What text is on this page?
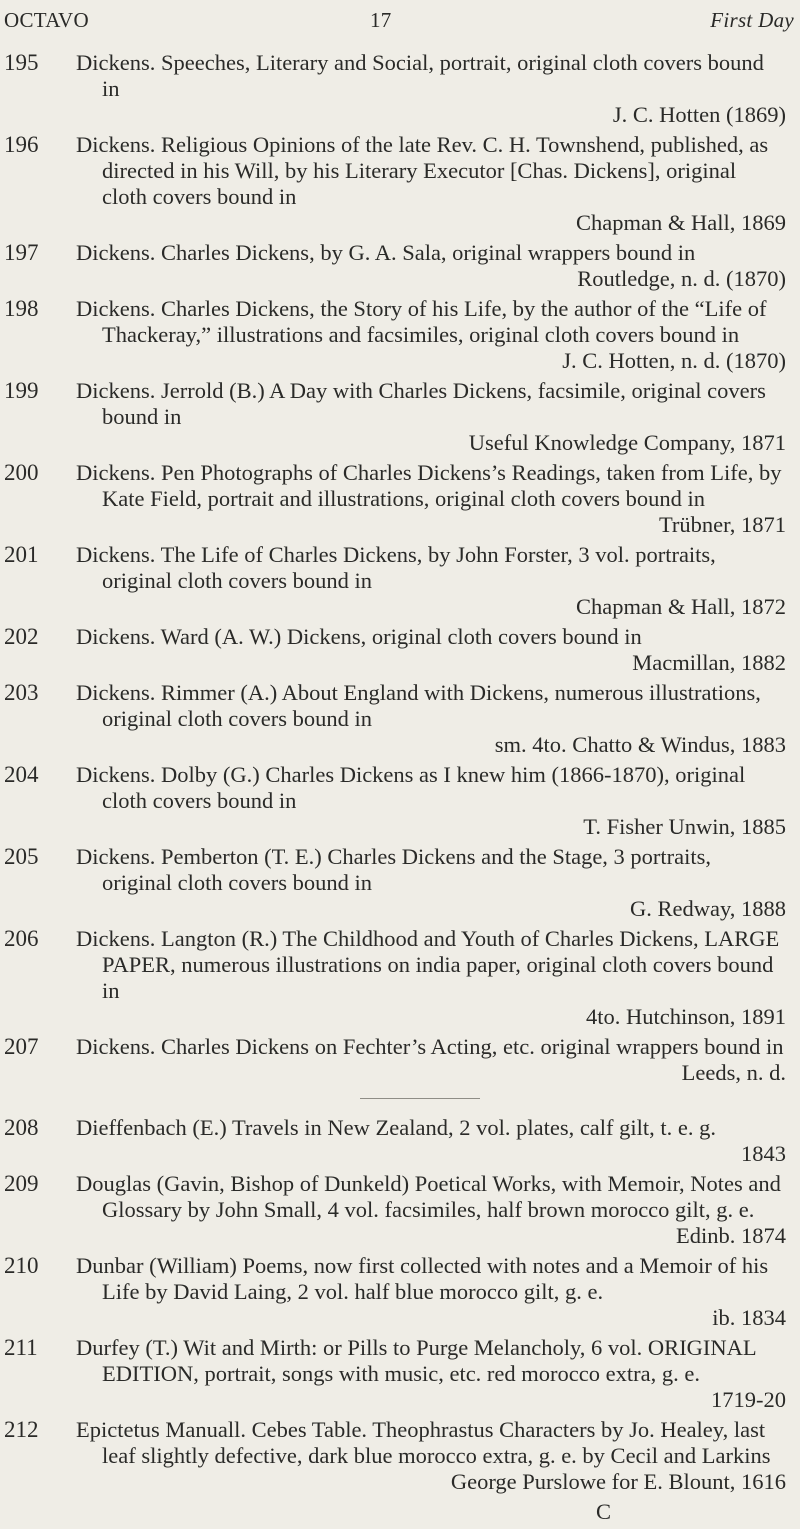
OCTAVO	17	First Day
195	Dickens. Speeches, Literary and Social, portrait, original cloth covers bound in
J. C. Hotten (1869)
196	Dickens. Religious Opinions of the late Rev. C. H. Townshend, published, as directed in his Will, by his Literary Executor [Chas. Dickens], original cloth covers bound in
Chapman & Hall, 1869
197	Dickens. Charles Dickens, by G. A. Sala, original wrappers bound in
Routledge, n. d. (1870)
198	Dickens. Charles Dickens, the Story of his Life, by the author of the “Life of Thackeray,” illustrations and facsimiles, original cloth covers bound in
J. C. Hotten, n. d. (1870)
199	Dickens. Jerrold (B.) A Day with Charles Dickens, facsimile, original covers bound in
Useful Knowledge Company, 1871
200	Dickens. Pen Photographs of Charles Dickens’s Readings, taken from Life, by Kate Field, portrait and illustrations, original cloth covers bound in
Trübner, 1871
201	Dickens. The Life of Charles Dickens, by John Forster, 3 vol. portraits, original cloth covers bound in
Chapman & Hall, 1872
202	Dickens. Ward (A. W.) Dickens, original cloth covers bound in
Macmillan, 1882
203	Dickens. Rimmer (A.) About England with Dickens, numerous illustrations, original cloth covers bound in
sm. 4to. Chatto & Windus, 1883
204	Dickens. Dolby (G.) Charles Dickens as I knew him (1866-1870), original cloth covers bound in
T. Fisher Unwin, 1885
205	Dickens. Pemberton (T. E.) Charles Dickens and the Stage, 3 portraits, original cloth covers bound in
G. Redway, 1888
206	Dickens. Langton (R.) The Childhood and Youth of Charles Dickens, LARGE PAPER, numerous illustrations on india paper, original cloth covers bound in
4to. Hutchinson, 1891
207	Dickens. Charles Dickens on Fechter’s Acting, etc. original wrappers bound in
Leeds, n. d.
208	Dieffenbach (E.) Travels in New Zealand, 2 vol. plates, calf gilt, t. e. g.
1843
209	Douglas (Gavin, Bishop of Dunkeld) Poetical Works, with Memoir, Notes and Glossary by John Small, 4 vol. facsimiles, half brown morocco gilt, g. e.
Edinb. 1874
210	Dunbar (William) Poems, now first collected with notes and a Memoir of his Life by David Laing, 2 vol. half blue morocco gilt, g. e.
ib. 1834
211	Durfey (T.) Wit and Mirth: or Pills to Purge Melancholy, 6 vol. ORIGINAL EDITION, portrait, songs with music, etc. red morocco extra, g. e.
1719-20
212	Epictetus Manuall. Cebes Table. Theophrastus Characters by Jo. Healey, last leaf slightly defective, dark blue morocco extra, g. e. by Cecil and Larkins
George Purslowe for E. Blount, 1616
C
